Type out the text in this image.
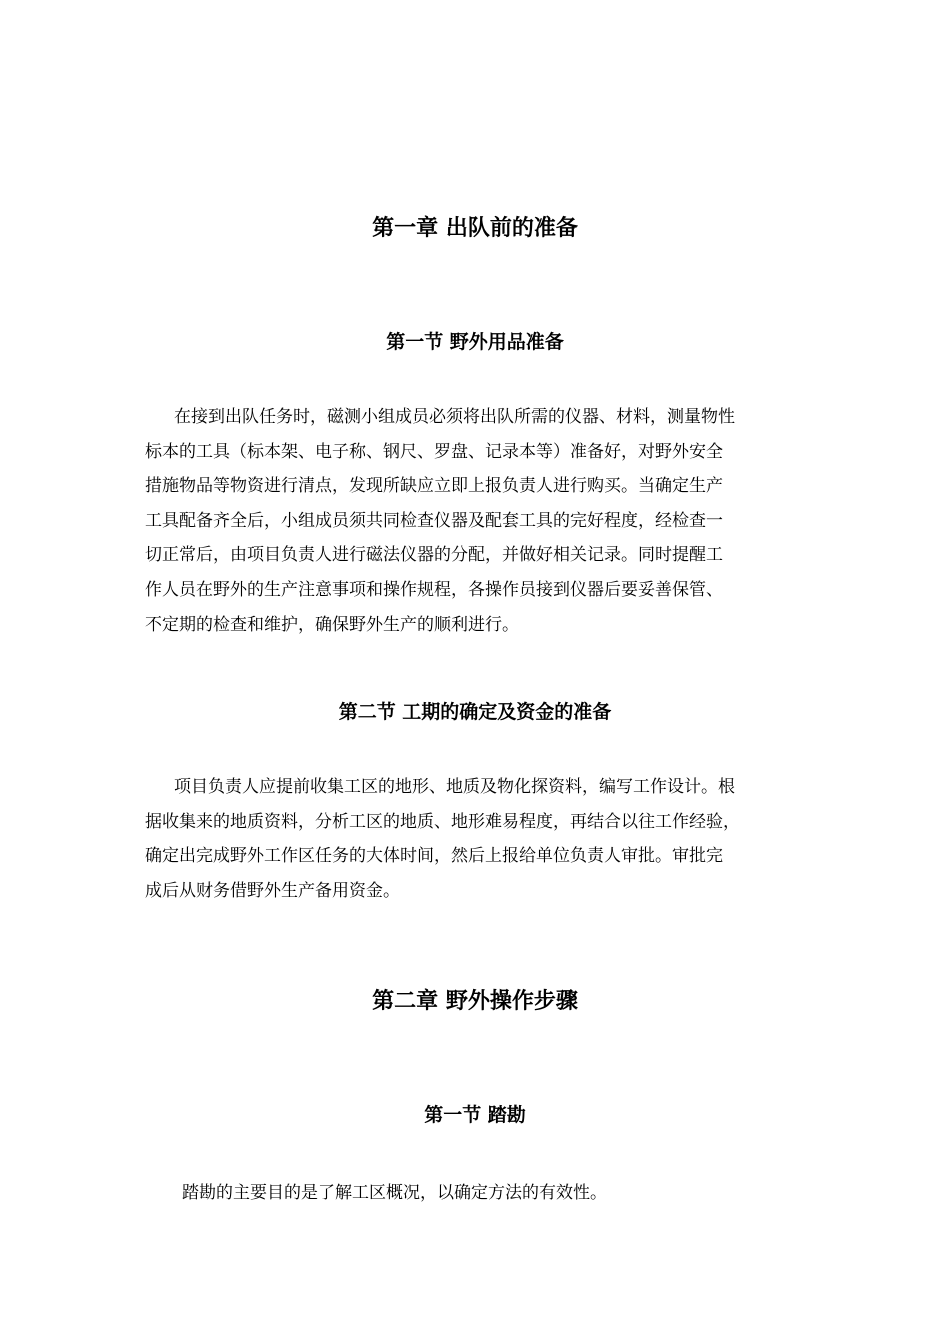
第一章 出队前的准备
第一节 野外用品准备
在接到出队任务时，磁测小组成员必须将出队所需的仪器、材料，测量物性
标本的工具（标本架、电子称、钢尺、罗盘、记录本等）准备好，对野外安全
措施物品等物资进行清点，发现所缺应立即上报负责人进行购买。当确定生产
工具配备齐全后，小组成员须共同检查仪器及配套工具的完好程度，经检查一
切正常后，由项目负责人进行磁法仪器的分配，并做好相关记录。同时提醒工
作人员在野外的生产注意事项和操作规程，各操作员接到仪器后要妥善保管、
不定期的检查和维护，确保野外生产的顺利进行。
第二节 工期的确定及资金的准备
项目负责人应提前收集工区的地形、地质及物化探资料，编写工作设计。根
据收集来的地质资料，分析工区的地质、地形难易程度，再结合以往工作经验，
确定出完成野外工作区任务的大体时间，然后上报给单位负责人审批。审批完
成后从财务借野外生产备用资金。
第二章 野外操作步骤
第一节 踏勘
踏勘的主要目的是了解工区概况，以确定方法的有效性。
